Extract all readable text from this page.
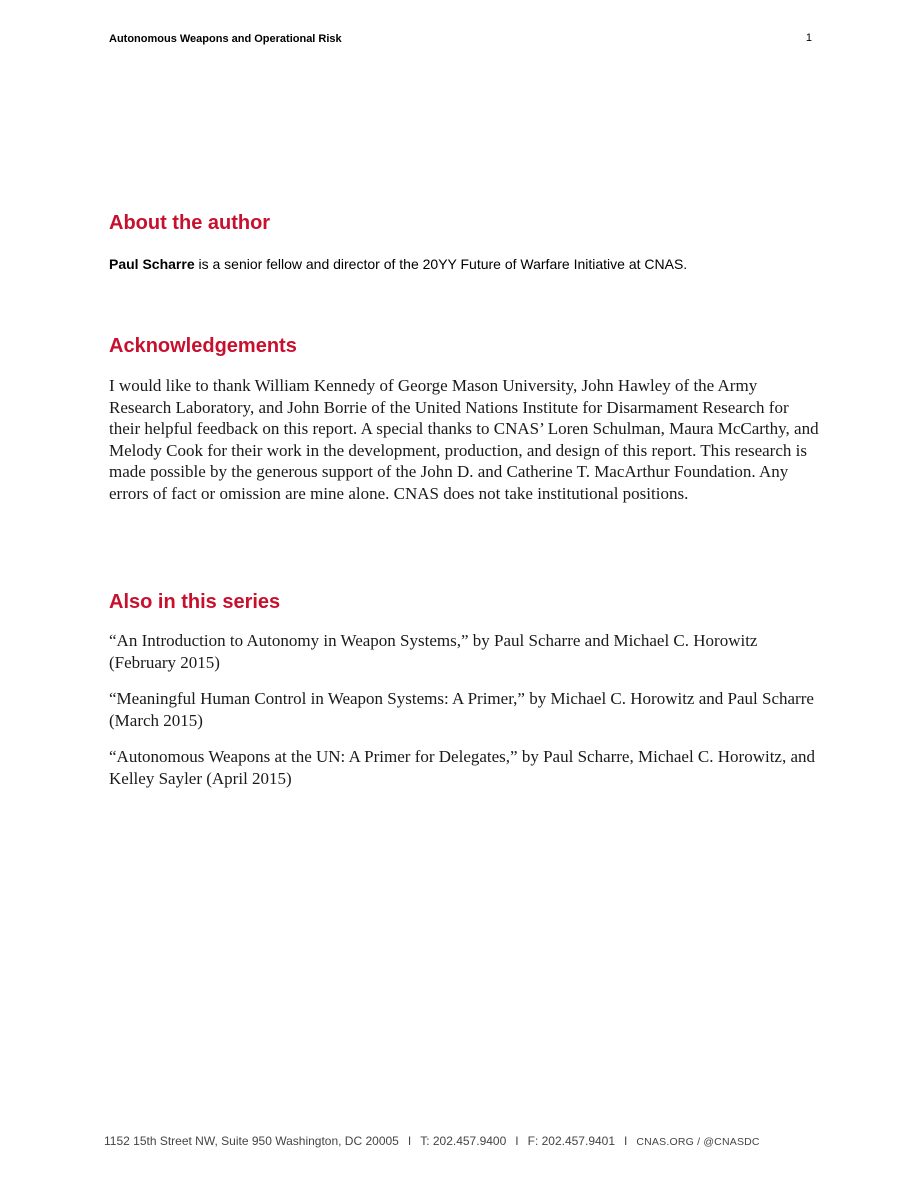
Autonomous Weapons and Operational Risk	1
About the author

Paul Scharre is a senior fellow and director of the 20YY Future of Warfare Initiative at CNAS.

Acknowledgements

I would like to thank William Kennedy of George Mason University, John Hawley of the Army Research Laboratory, and John Borrie of the United Nations Institute for Disarmament Research for their helpful feedback on this report. A special thanks to CNAS’ Loren Schulman, Maura McCarthy, and Melody Cook for their work in the development, production, and design of this report. This research is made possible by the generous support of the John D. and Catherine T. MacArthur Foundation. Any errors of fact or omission are mine alone. CNAS does not take institutional positions.

Also in this series
“An Introduction to Autonomy in Weapon Systems,” by Paul Scharre and Michael C. Horowitz (February 2015)
“Meaningful Human Control in Weapon Systems: A Primer,” by Michael C. Horowitz and Paul Scharre (March 2015)
“Autonomous Weapons at the UN: A Primer for Delegates,” by Paul Scharre, Michael C. Horowitz, and Kelley Sayler (April 2015)
1152 15th Street NW, Suite 950 Washington, DC 20005 I T: 202.457.9400 I F: 202.457.9401 I CNAS.ORG / @CNASDC
